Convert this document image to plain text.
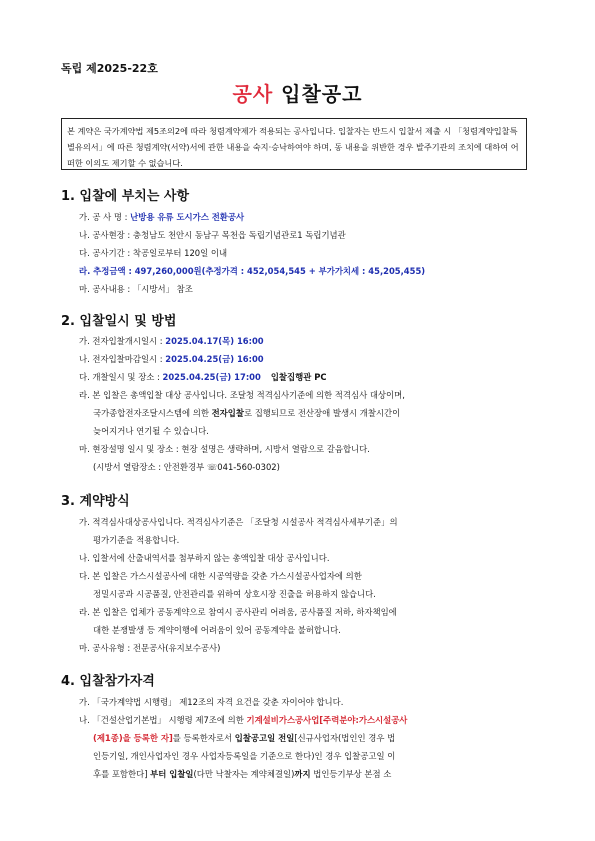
독립 제2025-22호
공사 입찰공고
본 계약은 국가계약법 제5조의2에 따라 청렴계약제가 적용되는 공사입니다. 입찰자는 반드시 입찰서 제출 시 「청렴계약입찰특별유의서」에 따른 청렴계약(서약)서에 관한 내용을 숙지·승낙하여야 하며, 동 내용을 위반한 경우 발주기관의 조치에 대하여 어떠한 이의도 제기할 수 없습니다.
1. 입찰에 부치는 사항
가. 공 사 명 : 난방용 유류 도시가스 전환공사
나. 공사현장 : 충청남도 천안시 동남구 목천읍 독립기념관로1 독립기념관
다. 공사기간 : 착공일로부터 120일 이내
라. 추정금액 : 497,260,000원(추정가격 : 452,054,545 + 부가가치세 : 45,205,455)
마. 공사내용 : 「시방서」 참조
2. 입찰일시 및 방법
가. 전자입찰개시일시 : 2025.04.17(목) 16:00
나. 전자입찰마감일시 : 2025.04.25(금) 16:00
다. 개찰일시 및 장소 : 2025.04.25(금) 17:00 입찰집행관 PC
라. 본 입찰은 총액입찰 대상 공사입니다. 조달청 적격심사기준에 의한 적격심사 대상이며,
국가종합전자조달시스템에 의한 전자입찰로 집행되므로 전산장애 발생시 개찰시간이
늦어지거나 연기될 수 있습니다.
마. 현장설명 일시 및 장소 : 현장 설명은 생략하며, 시방서 열람으로 갈음합니다.
(시방서 열람장소 : 안전환경부 ☏041-560-0302)
3. 계약방식
가. 적격심사대상공사입니다. 적격심사기준은 「조달청 시설공사 적격심사세부기준」의
평가기준을 적용합니다.
나. 입찰서에 산출내역서를 첨부하지 않는 총액입찰 대상 공사입니다.
다. 본 입찰은 가스시설공사에 대한 시공역량을 갖춘 가스시설공사업자에 의한
정밀시공과 시공품질, 안전관리를 위하여 상호시장 진출을 허용하지 않습니다.
라. 본 입찰은 업체가 공동계약으로 참여시 공사관리 어려움, 공사품질 저하, 하자책임에
대한 분쟁발생 등 계약이행에 어려움이 있어 공동계약을 불허합니다.
마. 공사유형 : 전문공사(유지보수공사)
4. 입찰참가자격
가. 「국가계약법 시행령」 제12조의 자격 요건을 갖춘 자이어야 합니다.
나. 「건설산업기본법」 시행령 제7조에 의한 기계설비가스공사업[주력분야:가스시설공사
(제1종)을 등록한 자]를 등록한자로서 입찰공고일 전일[신규사업자(법인인 경우 법
인등기일, 개인사업자인 경우 사업자등록일을 기준으로 한다)인 경우 입찰공고일 이
후를 포함한다] 부터 입찰일(다만 낙찰자는 계약체결일)까지 법인등기부상 본점 소
